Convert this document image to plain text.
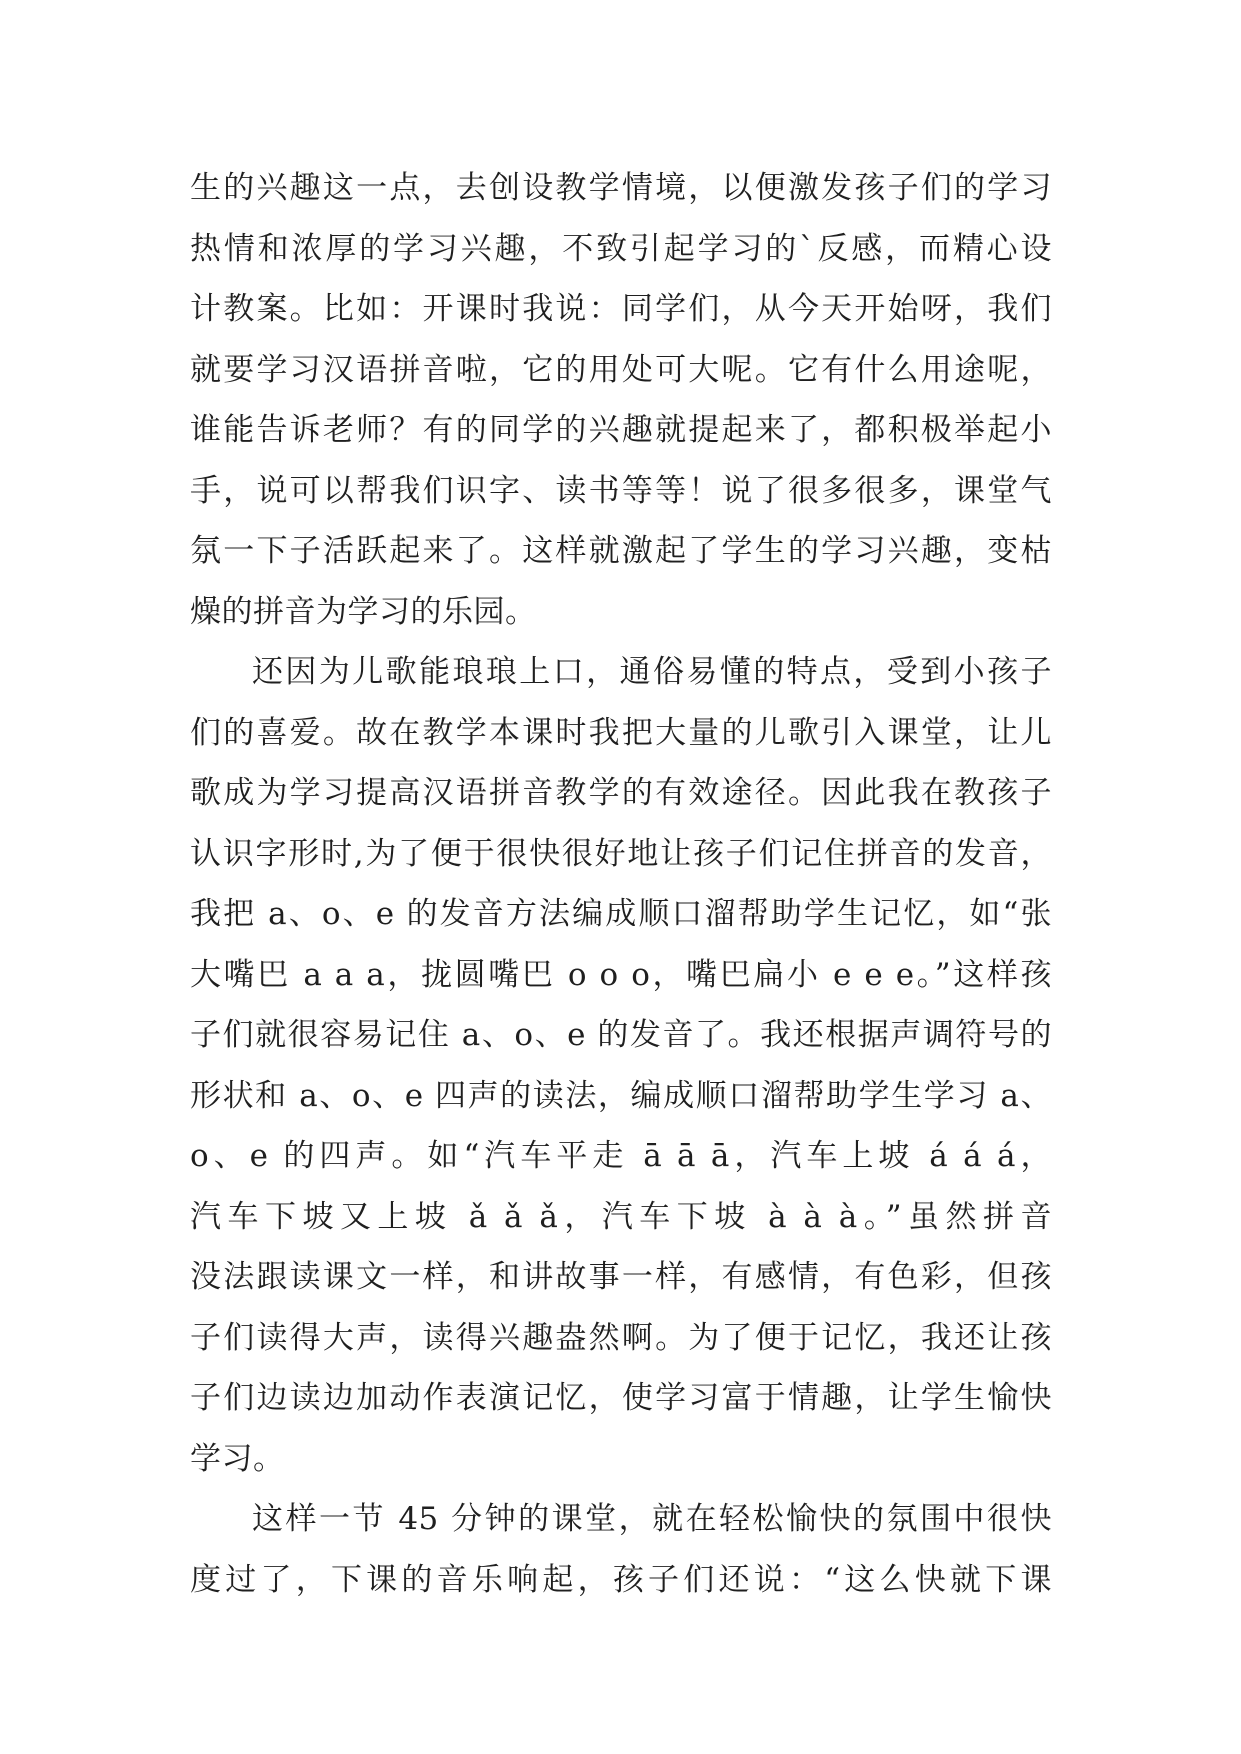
生的兴趣这一点，去创设教学情境，以便激发孩子们的学习
热情和浓厚的学习兴趣，不致引起学习的`反感，而精心设
计教案。比如：开课时我说：同学们，从今天开始呀，我们
就要学习汉语拼音啦，它的用处可大呢。它有什么用途呢，
谁能告诉老师？有的同学的兴趣就提起来了，都积极举起小
手，说可以帮我们识字、读书等等！说了很多很多，课堂气
氛一下子活跃起来了。这样就激起了学生的学习兴趣，变枯
燥的拼音为学习的乐园。
还因为儿歌能琅琅上口，通俗易懂的特点，受到小孩子
们的喜爱。故在教学本课时我把大量的儿歌引入课堂，让儿
歌成为学习提高汉语拼音教学的有效途径。因此我在教孩子
认识字形时,为了便于很快很好地让孩子们记住拼音的发音，
我把 a、o、e 的发音方法编成顺口溜帮助学生记忆，如“张
大嘴巴 a a a，拢圆嘴巴 o o o，嘴巴扁小 e e e。”这样孩
子们就很容易记住 a、o、e 的发音了。我还根据声调符号的
形状和 a、o、e 四声的读法，编成顺口溜帮助学生学习 a、
o、e 的四声。如“汽车平走 ā ā ā，汽车上坡 á á á，
汽车下坡又上坡 ǎ ǎ ǎ，汽车下坡 à à à。”虽然拼音
没法跟读课文一样，和讲故事一样，有感情，有色彩，但孩
子们读得大声，读得兴趣盎然啊。为了便于记忆，我还让孩
子们边读边加动作表演记忆，使学习富于情趣，让学生愉快
学习。
这样一节 45 分钟的课堂，就在轻松愉快的氛围中很快
度过了，下课的音乐响起，孩子们还说：“这么快就下课
